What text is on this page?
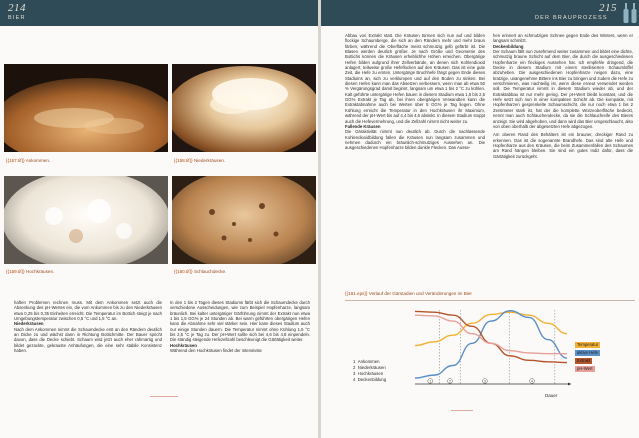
214
BIER
{{157.tif}} Ankommen.	{{158.tif}} Niederkräusen.
{{159.tif}} Hochkräusen.	{{160.tif}} Schlauchdecke.

haften Problemen rechnen muss. Mit dem Ankommen setzt auch die Absenkung des pH-Wertes ein, die vom Ankommen bis zu den Niederkräusen etwa 0,25 bis 0,35 Einheiten erreicht. Die Temperatur im Bottich steigt je nach Umgebungstemperatur zwischen 0,5 °C und 1,5 °C an.

Niederkräusen

Nach dem Ankommen nimmt die Schaumdecke erst an den Rändern deutlich an Dicke zu und wächst dann in Richtung Bottichmitte. Der Bauer spricht davon, dass die Decke schiebt. Schaum wird jetzt auch eher rahmartig und bildet gezackte, gekrauste Anhäufungen, die eine sehr stabile Konsistenz haben.

In den 1 bis 2 Tagen dieses Stadiums färbt sich die Schaumdecke durch verschiedene Ausscheidungen, wie zum Beispiel Hopfenharze, langsam bräunlich. Bei kalter untergäriger Gärführung nimmt der Extrakt nun etwa 1 bis 1,5 GG% je 24 Stunden ab. Bei warm geführten obergärigen Hefen kann die Abnahme sehr viel stärker sein. Hier kann dieses Stadium auch nur einige Stunden dauern. Die Temperatur nimmt ohne Kühlung 1,5 °C bis 2,5 °C je Tag zu. Der pH-Wert sollte sich bei 4,6 bis 4,8 einpendeln. Die ständig steigende Hefezellzahl beschleunigt die Gärtätigkeit weiter.

Hochkräusen

Während den Hochkräusen findet der intensivste

DER BRAUPROZESS
215

Abbau von Extrakt statt. Die Kräusen türmen sich nun auf und bilden flockige Schaumberge, die sich an den Rändern mehr und mehr braun färben, während die Oberfläche meist schmutzig gelb gefärbt ist. Die Blasen werden deutlich größer. Je nach Größe und Geometrie des Bottichs können die Kräusen erheblichhe Höhen erreichen. Obergärige Hefen bilden aufgrund ihrer Zellverbände, an denen sich Kohlendioxid anlagert, teilweise große Hefeflocken auf den Kräusen. Das ist eine gute Zeit, die Hefe zu ernten. Untergärige Bruchhefe fängt gegen Ende dieses Stadiums an, sich zu verklumpen und auf den Boden zu sinken. Bei diesen Hefen kann man das Absetzen verbessern, wenn man ab etwa 50 % Vergärungsgrad damit beginnt, langsam um etwa 1 bis 2 °C zu kühlen. Kalt geführte untergärige Hefen bauen in diesem Stadium etwa 1,5 bis 2,5 GG% Extrakt je Tag ab, bei ihren obergärigen Verwandten kann die Extraktabnahme auch bei Werten über 5 GG% je Tag liegen. Ohne Kühlung erreicht die Temperatur in den Hochkräusen ihr Maximum, während der pH-Wert bis auf 4,4 bis 4,6 absinkt. In diesem Stadium stoppt auch die Hefevermehrung, und die Zellzahl nimmt nicht weiter zu.

Fallende Kräusen

Die Gäraktivität nimmt nun deutlich ab. Durch die nachlassende Kohlendioxidbildung fallen die Kräusen nun langsam zusammen und nehmen dadurch ein bräunlich-schmutziges Aussehen an. Die ausgeschiedenen Hopfenharze bilden dunkle Flecken. Das Ausse-

hen erinnert an schmutzigen Schnee gegen Ende des Winters, wenn er langsam schmilzt.

Deckenbildung

Der Schaum fällt nun zusehmend weiter zusammen und bildet eine dichte, schmutzig braune Schicht auf dem Bier, die durch die ausgeschiedenen Hopfenharze ein fleckiges Aussehen hat. Ich empfehle dringend, die Decke in diesem Stadium mit einem sterilisierten Schaumlöffel abzuheben. Die ausgeschiedenen Hopfenharze neigen dazu, eine kratzige, unangenehme Bittere ins Bier zu bringen und zudem die Hefe zu verschmieren, was nachteilig ist, wenn diese erneut verwendet werden soll. Die Temperatur nimmt in diesem Stadium wieder ab, und der Extraktabbau ist nur mehr gering. Der pH-Wert bleibt konstant, und die Hefe setzt sich nun in einer kompakten Schicht ab. Die kompakte, mit Hopfenharzen gesprenkelte Schaumschicht, die nur noch etwa 1 bis 2 Zentimeter stark ist, hat der die komplette Würzeoberfläche bedeckt, nennt man auch Schlauchendecke, da sie die Schlauchreife des Bieres anzeigt. Sie wird abgehoben, und dann wird das Bier umgeschlaucht, also von oben oberhalb der abgesetzten Hefe abgezogen.

Am oberen Rand des Behälters ist ein brauner, dreckiger Rand zu erkennen. Das ist die sogenannte Brandhefe. Das sind alte Hefe und Hopfenharze aus den Kräusen, die beim Zusammenfallen des Schaumes am Rand hängen bleiben. Sie sind ein gutes Indiz dafür, dass die Gärtätigkeit zurückgeht.

{{161.eps}} Verlauf der Gärstadien und Veränderungen im Bier
1 Ankommen
2 Niederkräusen
3 Hochkräusen
4 Deckenbildung	1	2	3	4
Dauer
Temperatur
aktive Hefe
Extrakt
pH-Wert
